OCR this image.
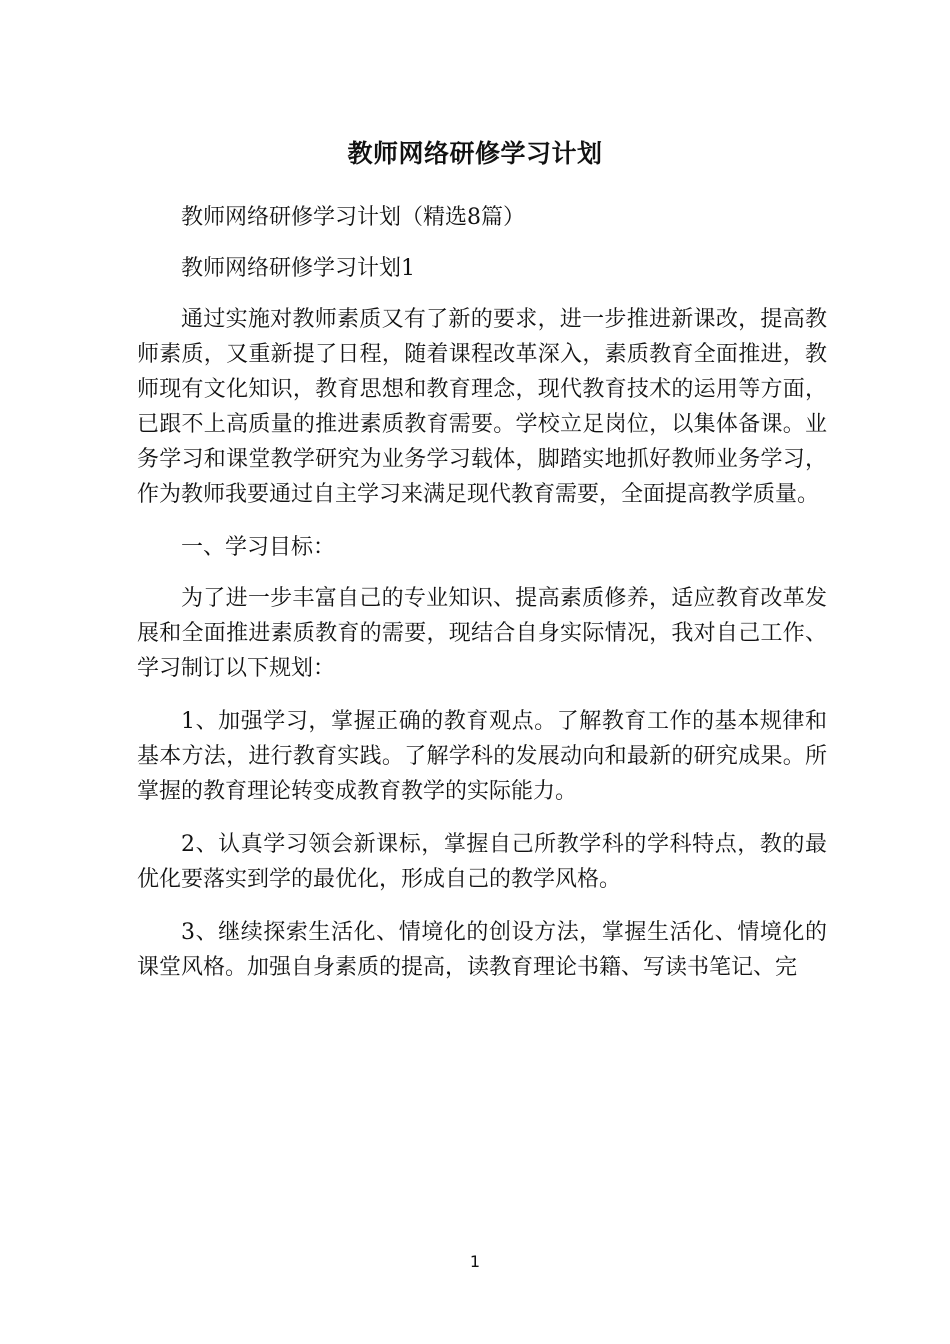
教师网络研修学习计划

教师网络研修学习计划（精选8篇）

教师网络研修学习计划1

通过实施对教师素质又有了新的要求，进一步推进新课改，提高教师素质，又重新提了日程，随着课程改革深入，素质教育全面推进，教师现有文化知识，教育思想和教育理念，现代教育技术的运用等方面，已跟不上高质量的推进素质教育需要。学校立足岗位，以集体备课。业务学习和课堂教学研究为业务学习载体，脚踏实地抓好教师业务学习，作为教师我要通过自主学习来满足现代教育需要，全面提高教学质量。

一、学习目标：

为了进一步丰富自己的专业知识、提高素质修养，适应教育改革发展和全面推进素质教育的需要，现结合自身实际情况，我对自己工作、学习制订以下规划：

1、加强学习，掌握正确的教育观点。了解教育工作的基本规律和基本方法，进行教育实践。了解学科的发展动向和最新的研究成果。所掌握的教育理论转变成教育教学的实际能力。

2、认真学习领会新课标，掌握自己所教学科的学科特点，教的最优化要落实到学的最优化，形成自己的教学风格。

3、继续探索生活化、情境化的创设方法，掌握生活化、情境化的课堂风格。加强自身素质的提高，读教育理论书籍、写读书笔记、完

1
